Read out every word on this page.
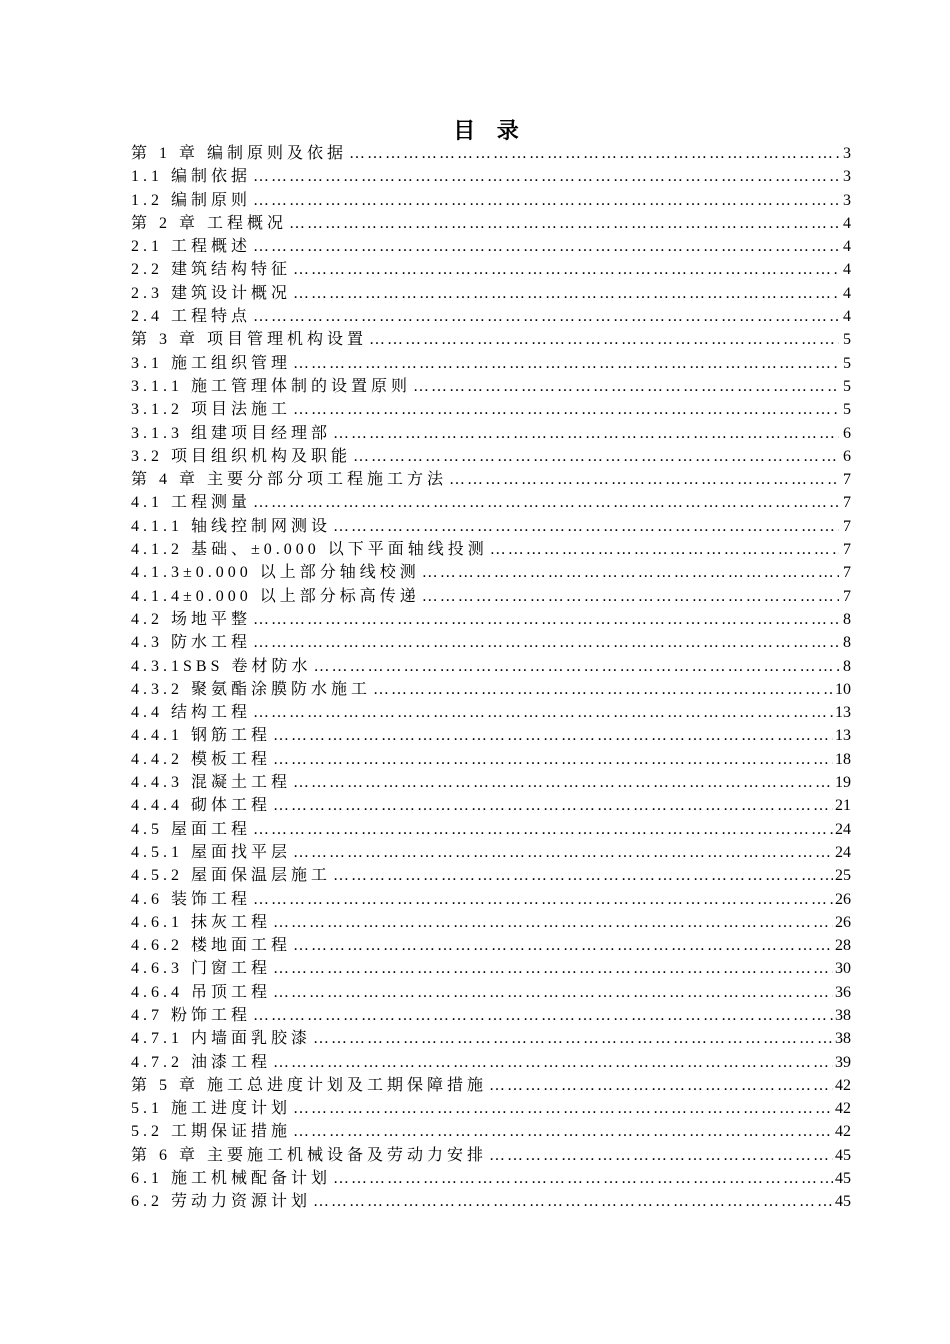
目 录
第 1 章 编制原则及依据 …………………………………………………………………………………………………………………………………………	3
1.1 编制依据 …………………………………………………………………………………………………………………………………………	3
1.2 编制原则 …………………………………………………………………………………………………………………………………………	3
第 2 章 工程概况 …………………………………………………………………………………………………………………………………………	4
2.1 工程概述 …………………………………………………………………………………………………………………………………………	4
2.2 建筑结构特征 …………………………………………………………………………………………………………………………………………	4
2.3 建筑设计概况 …………………………………………………………………………………………………………………………………………	4
2.4 工程特点 …………………………………………………………………………………………………………………………………………	4
第 3 章 项目管理机构设置 …………………………………………………………………………………………………………………………………………	5
3.1 施工组织管理 …………………………………………………………………………………………………………………………………………	5
3.1.1 施工管理体制的设置原则 …………………………………………………………………………………………………………………………………………	5
3.1.2 项目法施工 …………………………………………………………………………………………………………………………………………	5
3.1.3 组建项目经理部 …………………………………………………………………………………………………………………………………………	6
3.2 项目组织机构及职能 …………………………………………………………………………………………………………………………………………	6
第 4 章 主要分部分项工程施工方法 …………………………………………………………………………………………………………………………………………	7
4.1 工程测量 …………………………………………………………………………………………………………………………………………	7
4.1.1 轴线控制网测设 …………………………………………………………………………………………………………………………………………	7
4.1.2 基础、±0.000 以下平面轴线投测 …………………………………………………………………………………………………………………………………………	7
4.1.3±0.000 以上部分轴线校测 …………………………………………………………………………………………………………………………………………	7
4.1.4±0.000 以上部分标高传递 …………………………………………………………………………………………………………………………………………	7
4.2 场地平整 …………………………………………………………………………………………………………………………………………	8
4.3 防水工程 …………………………………………………………………………………………………………………………………………	8
4.3.1SBS 卷材防水 …………………………………………………………………………………………………………………………………………	8
4.3.2 聚氨酯涂膜防水施工 …………………………………………………………………………………………………………………………………………	10
4.4 结构工程 …………………………………………………………………………………………………………………………………………	13
4.4.1 钢筋工程 …………………………………………………………………………………………………………………………………………	13
4.4.2 模板工程 …………………………………………………………………………………………………………………………………………	18
4.4.3 混凝土工程 …………………………………………………………………………………………………………………………………………	19
4.4.4 砌体工程 …………………………………………………………………………………………………………………………………………	21
4.5 屋面工程 …………………………………………………………………………………………………………………………………………	24
4.5.1 屋面找平层 …………………………………………………………………………………………………………………………………………	24
4.5.2 屋面保温层施工 …………………………………………………………………………………………………………………………………………	25
4.6 装饰工程 …………………………………………………………………………………………………………………………………………	26
4.6.1 抹灰工程 …………………………………………………………………………………………………………………………………………	26
4.6.2 楼地面工程 …………………………………………………………………………………………………………………………………………	28
4.6.3 门窗工程 …………………………………………………………………………………………………………………………………………	30
4.6.4 吊顶工程 …………………………………………………………………………………………………………………………………………	36
4.7 粉饰工程 …………………………………………………………………………………………………………………………………………	38
4.7.1 内墙面乳胶漆 …………………………………………………………………………………………………………………………………………	38
4.7.2 油漆工程 …………………………………………………………………………………………………………………………………………	39
第 5 章 施工总进度计划及工期保障措施 …………………………………………………………………………………………………………………………………………	42
5.1 施工进度计划 …………………………………………………………………………………………………………………………………………	42
5.2 工期保证措施 …………………………………………………………………………………………………………………………………………	42
第 6 章 主要施工机械设备及劳动力安排 …………………………………………………………………………………………………………………………………………	45
6.1 施工机械配备计划 …………………………………………………………………………………………………………………………………………	45
6.2 劳动力资源计划 …………………………………………………………………………………………………………………………………………	45
